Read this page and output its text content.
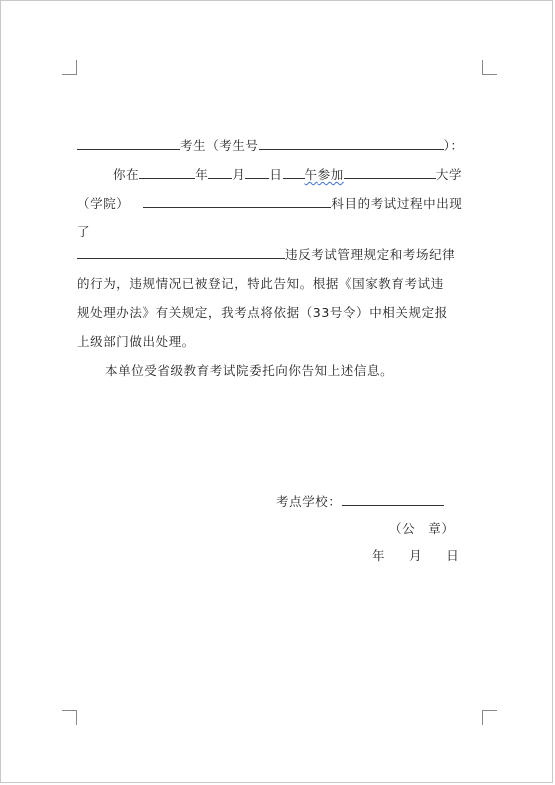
考生（考生号	）：
你在	年 月 日 午参加	大学
（学院）	科目的考试过程中出现
了
违反考试管理规定和考场纪律
的行为，违规情况已被登记，特此告知。根据《国家教育考试违
规处理办法》有关规定，我考点将依据（33号令）中相关规定报
上级部门做出处理。
本单位受省级教育考试院委托向你告知上述信息。
考点学校：
（公　章）
年 月 日
